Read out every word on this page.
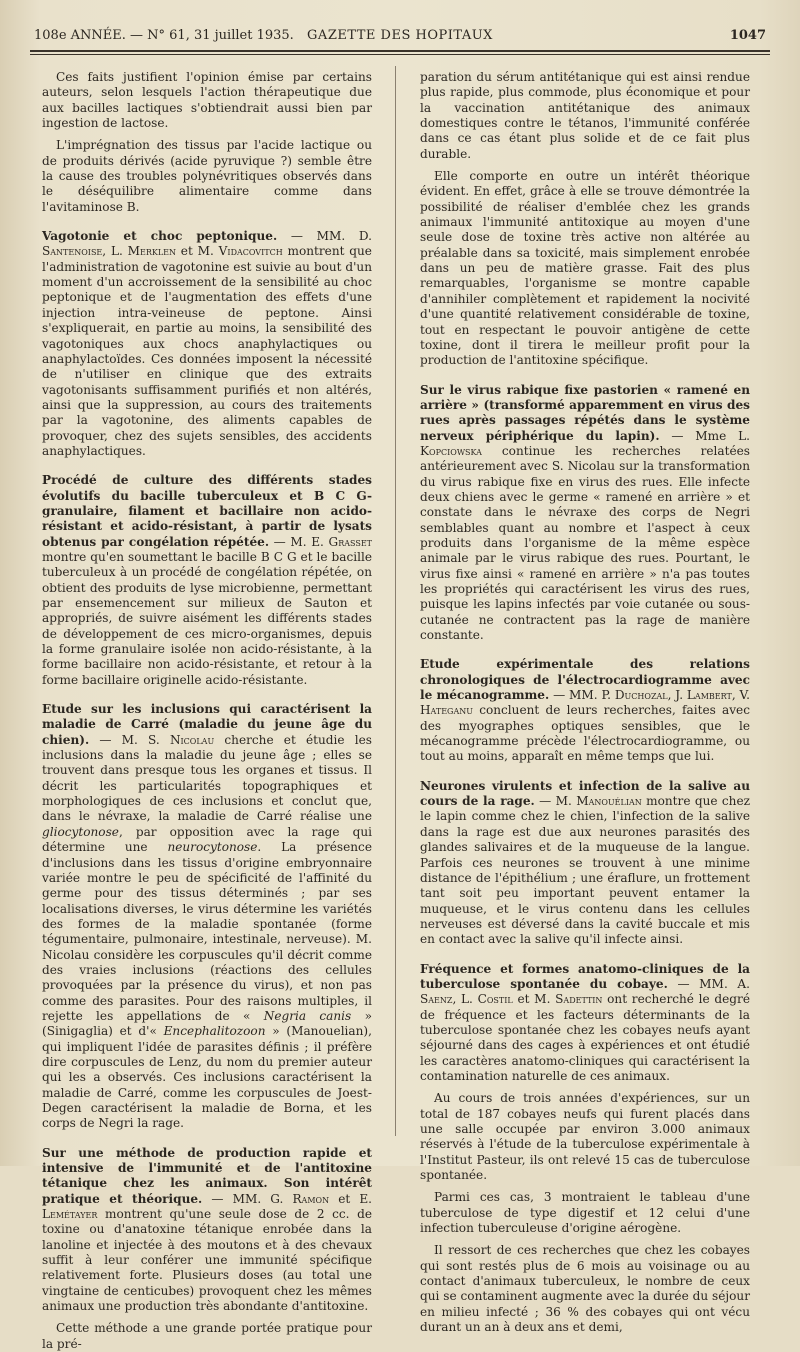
108e ANNÉE. — N° 61, 31 juillet 1935.	GAZETTE DES HOPITAUX	1047

Ces faits justifient l'opinion émise par certains auteurs, selon lesquels l'action thérapeutique due aux bacilles lactiques s'obtiendrait aussi bien par ingestion de lactose.

L'imprégnation des tissus par l'acide lactique ou de produits dérivés (acide pyruvique ?) semble être la cause des troubles polynévritiques observés dans le déséquilibre alimentaire comme dans l'avitaminose B.

Vagotonie et choc peptonique. — MM. D. Santenoise, L. Merklen et M. Vidacovitch montrent que l'administration de vagotonine est suivie au bout d'un moment d'un accroissement de la sensibilité au choc peptonique et de l'augmentation des effets d'une injection intra-veineuse de peptone. Ainsi s'expliquerait, en partie au moins, la sensibilité des vagotoniques aux chocs anaphylactiques ou anaphylactoïdes. Ces données imposent la nécessité de n'utiliser en clinique que des extraits vagotonisants suffisamment purifiés et non altérés, ainsi que la suppression, au cours des traitements par la vagotonine, des aliments capables de provoquer, chez des sujets sensibles, des accidents anaphylactiques.

Procédé de culture des différents stades évolutifs du bacille tuberculeux et B C G-granulaire, filament et bacillaire non acido-résistant et acido-résistant, à partir de lysats obtenus par congélation répétée. — M. E. Grasset montre qu'en soumettant le bacille B C G et le bacille tuberculeux à un procédé de congélation répétée, on obtient des produits de lyse microbienne, permettant par ensemencement sur milieux de Sauton et appropriés, de suivre aisément les différents stades de développement de ces micro-organismes, depuis la forme granulaire isolée non acido-résistante, à la forme bacillaire non acido-résistante, et retour à la forme bacillaire originelle acido-résistante.

Etude sur les inclusions qui caractérisent la maladie de Carré (maladie du jeune âge du chien). — M. S. Nicolau cherche et étudie les inclusions dans la maladie du jeune âge ; elles se trouvent dans presque tous les organes et tissus. Il décrit les particularités topographiques et morphologiques de ces inclusions et conclut que, dans le névraxe, la maladie de Carré réalise une gliocytonose, par opposition avec la rage qui détermine une neurocytonose. La présence d'inclusions dans les tissus d'origine embryonnaire variée montre le peu de spécificité de l'affinité du germe pour des tissus déterminés ; par ses localisations diverses, le virus détermine les variétés des formes de la maladie spontanée (forme tégumentaire, pulmonaire, intestinale, nerveuse). M. Nicolau considère les corpuscules qu'il décrit comme des vraies inclusions (réactions des cellules provoquées par la présence du virus), et non pas comme des parasites. Pour des raisons multiples, il rejette les appellations de « Negria canis » (Sinigaglia) et d'« Encephalitozoon » (Manouelian), qui impliquent l'idée de parasites définis ; il préfère dire corpuscules de Lenz, du nom du premier auteur qui les a observés. Ces inclusions caractérisent la maladie de Carré, comme les corpuscules de Joest-Degen caractérisent la maladie de Borna, et les corps de Negri la rage.

Sur une méthode de production rapide et intensive de l'immunité et de l'antitoxine tétanique chez les animaux. Son intérêt pratique et théorique. — MM. G. Ramon et E. Lemétayer montrent qu'une seule dose de 2 cc. de toxine ou d'anatoxine tétanique enrobée dans la lanoline et injectée à des moutons et à des chevaux suffit à leur conférer une immunité spécifique relativement forte. Plusieurs doses (au total une vingtaine de centicubes) provoquent chez les mêmes animaux une production très abondante d'antitoxine.

Cette méthode a une grande portée pratique pour la pré-

paration du sérum antitétanique qui est ainsi rendue plus rapide, plus commode, plus économique et pour la vaccination antitétanique des animaux domestiques contre le tétanos, l'immunité conférée dans ce cas étant plus solide et de ce fait plus durable.

Elle comporte en outre un intérêt théorique évident. En effet, grâce à elle se trouve démontrée la possibilité de réaliser d'emblée chez les grands animaux l'immunité antitoxique au moyen d'une seule dose de toxine très active non altérée au préalable dans sa toxicité, mais simplement enrobée dans un peu de matière grasse. Fait des plus remarquables, l'organisme se montre capable d'annihiler complètement et rapidement la nocivité d'une quantité relativement considérable de toxine, tout en respectant le pouvoir antigène de cette toxine, dont il tirera le meilleur profit pour la production de l'antitoxine spécifique.

Sur le virus rabique fixe pastorien « ramené en arrière » (transformé apparemment en virus des rues après passages répétés dans le système nerveux périphérique du lapin). — Mme L. Kopciowska continue les recherches relatées antérieurement avec S. Nicolau sur la transformation du virus rabique fixe en virus des rues. Elle infecte deux chiens avec le germe « ramené en arrière » et constate dans le névraxe des corps de Negri semblables quant au nombre et l'aspect à ceux produits dans l'organisme de la même espèce animale par le virus rabique des rues. Pourtant, le virus fixe ainsi « ramené en arrière » n'a pas toutes les propriétés qui caractérisent les virus des rues, puisque les lapins infectés par voie cutanée ou sous-cutanée ne contractent pas la rage de manière constante.

Etude expérimentale des relations chronologiques de l'électrocardiogramme avec le mécanogramme. — MM. P. Duchozal, J. Lambert, V. Hateganu concluent de leurs recherches, faites avec des myographes optiques sensibles, que le mécanogramme précède l'électrocardiogramme, ou tout au moins, apparaît en même temps que lui.

Neurones virulents et infection de la salive au cours de la rage. — M. Manouélian montre que chez le lapin comme chez le chien, l'infection de la salive dans la rage est due aux neurones parasités des glandes salivaires et de la muqueuse de la langue. Parfois ces neurones se trouvent à une minime distance de l'épithélium ; une éraflure, un frottement tant soit peu important peuvent entamer la muqueuse, et le virus contenu dans les cellules nerveuses est déversé dans la cavité buccale et mis en contact avec la salive qu'il infecte ainsi.

Fréquence et formes anatomo-cliniques de la tuberculose spontanée du cobaye. — MM. A. Saenz, L. Costil et M. Sadettin ont recherché le degré de fréquence et les facteurs déterminants de la tuberculose spontanée chez les cobayes neufs ayant séjourné dans des cages à expériences et ont étudié les caractères anatomo-cliniques qui caractérisent la contamination naturelle de ces animaux.

Au cours de trois années d'expériences, sur un total de 187 cobayes neufs qui furent placés dans une salle occupée par environ 3.000 animaux réservés à l'étude de la tuberculose expérimentale à l'Institut Pasteur, ils ont relevé 15 cas de tuberculose spontanée.

Parmi ces cas, 3 montraient le tableau d'une tuberculose de type digestif et 12 celui d'une infection tuberculeuse d'origine aérogène.

Il ressort de ces recherches que chez les cobayes qui sont restés plus de 6 mois au voisinage ou au contact d'animaux tuberculeux, le nombre de ceux qui se contaminent augmente avec la durée du séjour en milieu infecté ; 36 % des cobayes qui ont vécu durant un an à deux ans et demi,
